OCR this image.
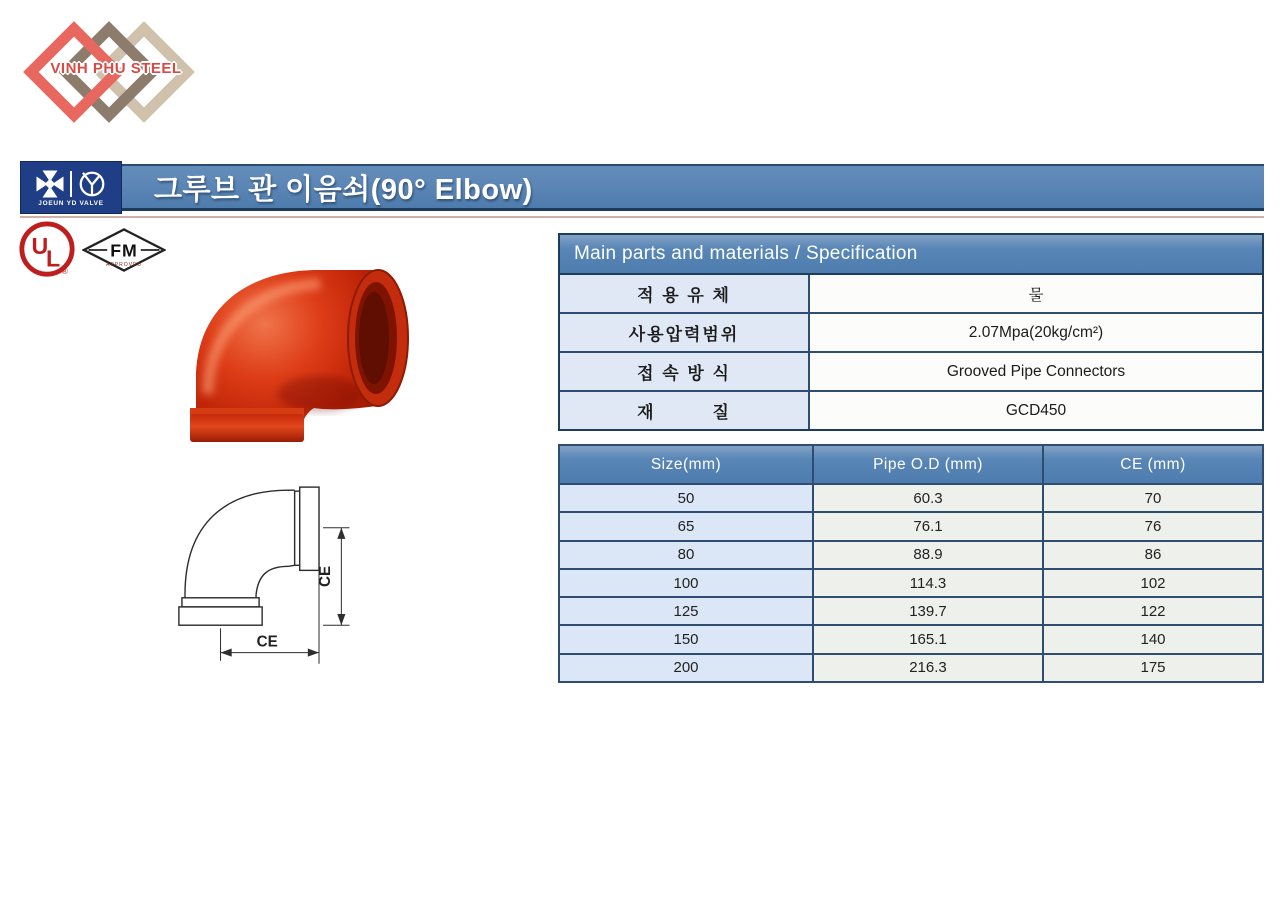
VINH PHU STEEL
그루브 관 이음쇠(90° Elbow)
JOEUN YD VALVE
U
L ®
FM
APPROVED
CE
CE
Main parts and materials / Specification
적 용 유 체	물
사용압력범위	2.07Mpa(20kg/cm²)
접 속 방 식	Grooved Pipe Connectors
재　　　질	GCD450
Size(mm)	Pipe O.D (mm)	CE (mm)
50	60.3	70
65	76.1	76
80	88.9	86
100	114.3	102
125	139.7	122
150	165.1	140
200	216.3	175
